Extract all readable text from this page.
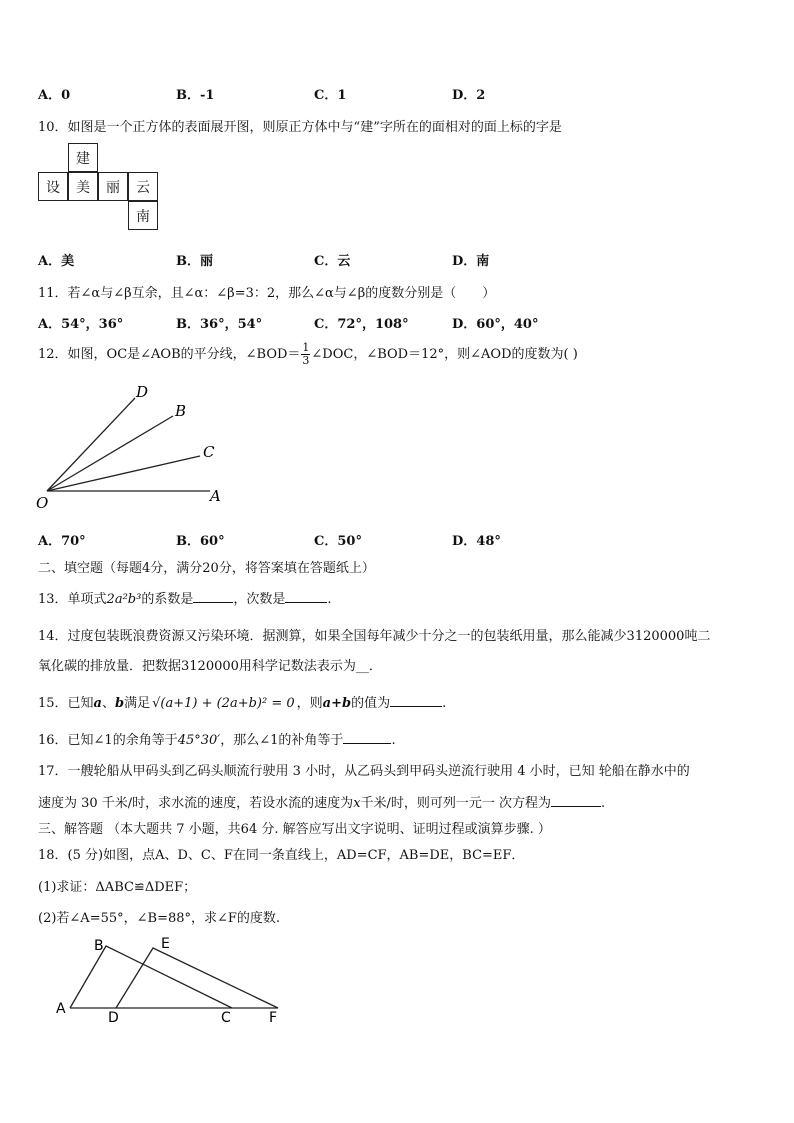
A．0	B．-1	C．1	D．2
10．如图是一个正方体的表面展开图，则原正方体中与“建”字所在的面相对的面上标的字是
建
设	美	丽	云
南
A．美	B．丽	C．云	D．南
11．若∠α与∠β互余，且∠α：∠β=3：2，那么∠α与∠β的度数分别是（　　）
A．54°，36°	B．36°，54°	C．72°，108°	D．60°，40°
12．如图，OC是∠AOB的平分线，∠BOD＝ $\frac{1}{3}$ ∠DOC，∠BOD＝12°，则∠AOD的度数为( )
D
B
C
O	A
A．70°	B．60°	C．50°	D．48°
二、填空题（每题4分，满分20分，将答案填在答题纸上）
13．单项式2a²b³的系数是	，次数是	.
14．过度包装既浪费资源又污染环境．据测算，如果全国每年减少十分之一的包装纸用量，那么能减少3120000吨二
氧化碳的排放量．把数据3120000用科学记数法表示为__．
15．已知a、b满足 √(a+1) + (2a+b)² = 0 ，则a+b的值为	.
16．已知∠1的余角等于45°30′，那么∠1的补角等于	.
17．一艘轮船从甲码头到乙码头顺流行驶用 3 小时，从乙码头到甲码头逆流行驶用 4 小时，已知 轮船在静水中的
速度为 30 千米/时，求水流的速度，若设水流的速度为x千米/时，则可列一元一 次方程为	.
三、解答题 （本大题共 7 小题，共64 分. 解答应写出文字说明、证明过程或演算步骤. ）
18．(5 分)如图，点A、D、C、F在同一条直线上，AD=CF，AB=DE，BC=EF．
(1)求证：ΔABC≌ΔDEF；
(2)若∠A=55°，∠B=88°，求∠F的度数.
B	E
A
D	C	F
